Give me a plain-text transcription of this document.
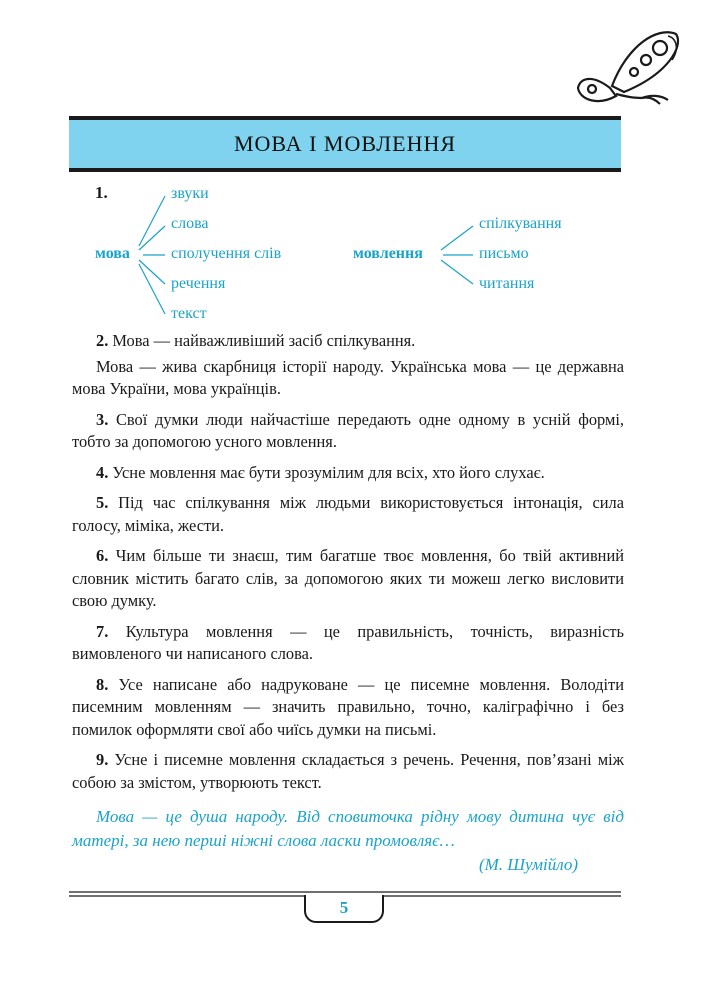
МОВА І МОВЛЕННЯ
1.
мова
звуки
слова
сполучення слів
речення
текст
мовлення
спілкування
письмо
читання

2. Мова — найважливіший засіб спілкування.

Мова — жива скарбниця історії народу. Українська мова — це державна мова України, мова українців.

3. Свої думки люди найчастіше передають одне одному в усній формі, тобто за допомогою усного мовлення.

4. Усне мовлення має бути зрозумілим для всіх, хто його слухає.

5. Під час спілкування між людьми використовується інтонація, сила голосу, міміка, жести.

6. Чим більше ти знаєш, тим багатше твоє мовлення, бо твій активний словник містить багато слів, за допомогою яких ти можеш легко висловити свою думку.

7. Культура мовлення — це правильність, точність, виразність вимовленого чи написаного слова.

8. Усе написане або надруковане — це писемне мовлення. Володіти писемним мовленням — значить правильно, точно, каліграфічно і без помилок оформляти свої або чиїсь думки на письмі.

9. Усне і писемне мовлення складається з речень. Речення, пов’язані між собою за змістом, утворюють текст.

Мова — це душа народу. Від сповиточка рідну мову дитина чує від матері, за нею перші ніжні слова ласки промовляє…
(М. Шумійло)
5
